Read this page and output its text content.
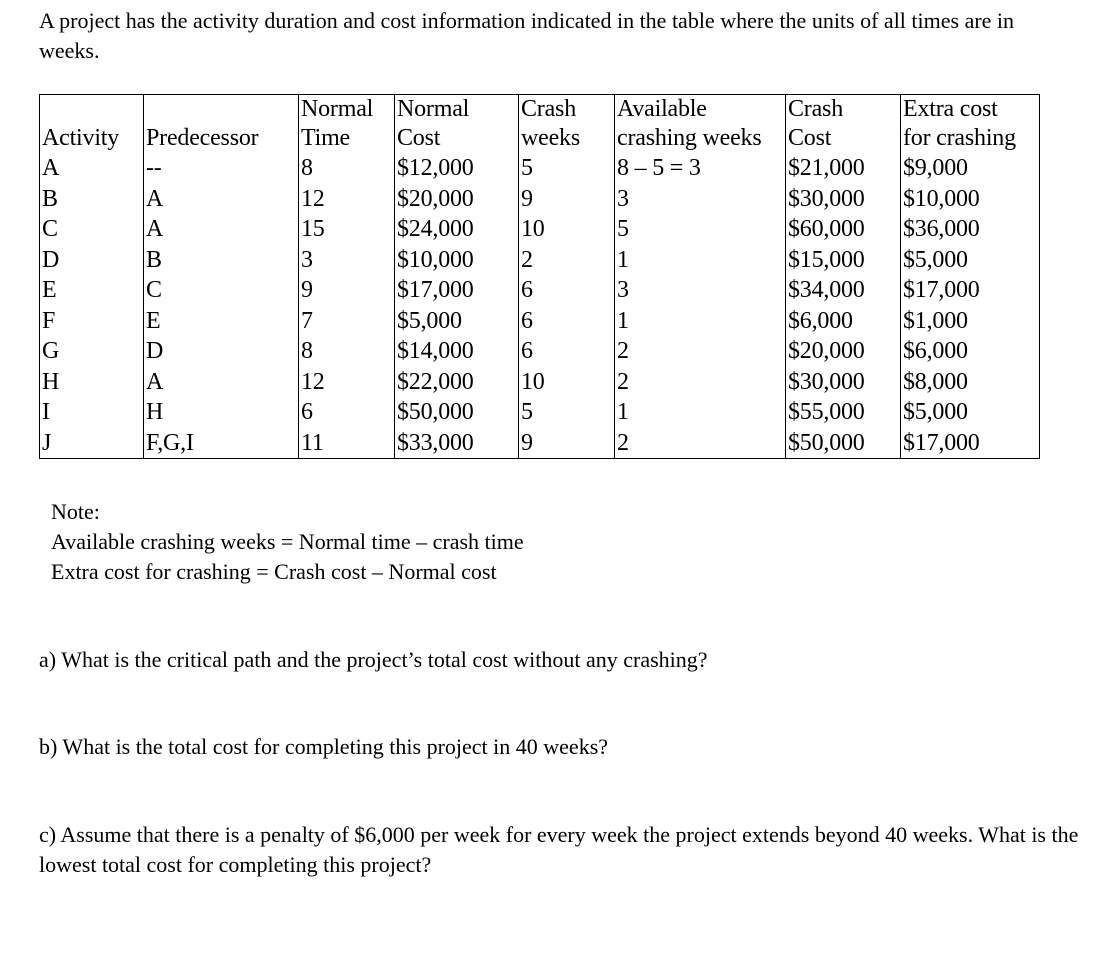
A project has the activity duration and cost information indicated in the table where the units of all times are in weeks.
		Normal	Normal	Crash	Available	Crash	Extra cost
Activity	Predecessor	Time	Cost	weeks	crashing weeks	Cost	for crashing
A	--	8	$12,000	5	8 – 5 = 3	$21,000	$9,000
B	A	12	$20,000	9	3	$30,000	$10,000
C	A	15	$24,000	10	5	$60,000	$36,000
D	B	3	$10,000	2	1	$15,000	$5,000
E	C	9	$17,000	6	3	$34,000	$17,000
F	E	7	$5,000	6	1	$6,000	$1,000
G	D	8	$14,000	6	2	$20,000	$6,000
H	A	12	$22,000	10	2	$30,000	$8,000
I	H	6	$50,000	5	1	$55,000	$5,000
J	F,G,I	11	$33,000	9	2	$50,000	$17,000
Note:
Available crashing weeks = Normal time – crash time
Extra cost for crashing = Crash cost – Normal cost
a) What is the critical path and the project’s total cost without any crashing?
b) What is the total cost for completing this project in 40 weeks?
c) Assume that there is a penalty of $6,000 per week for every week the project extends beyond 40 weeks. What is the lowest total cost for completing this project?
